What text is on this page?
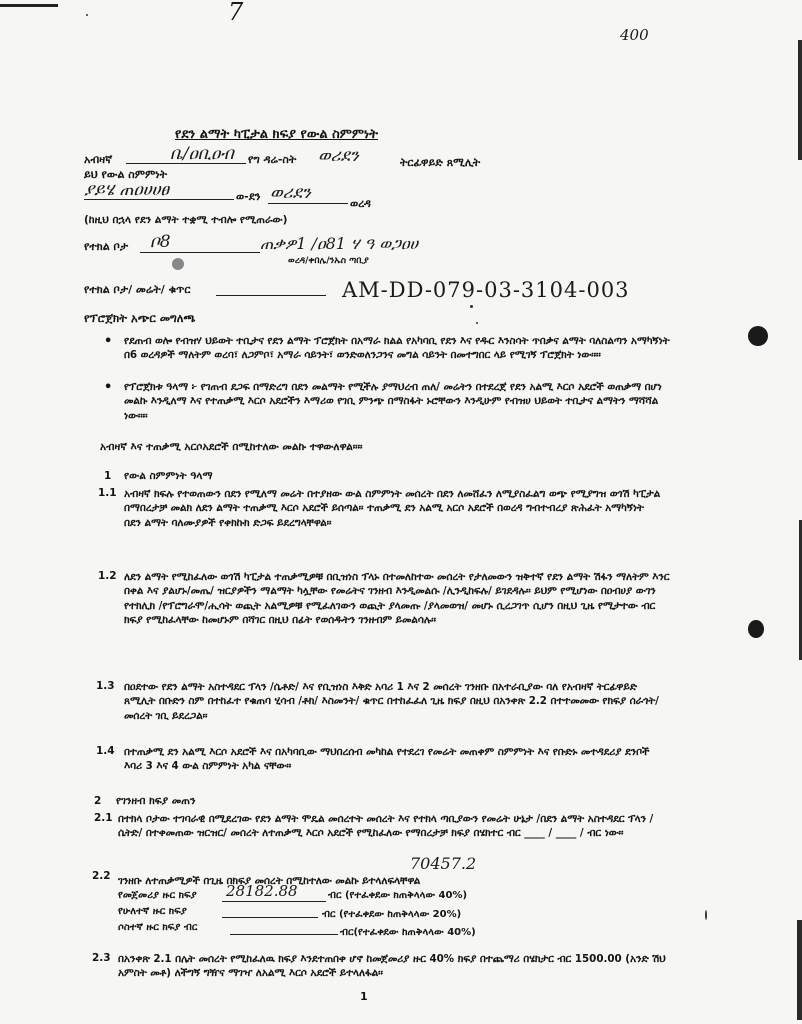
7
400
የደን ልማት ካፒታል ክፍያ የውል ስምምነት
አብዛኛ	ቤ/ዐቢዐብ የግ ዳሬ-ስት ወሪደን	ትርፊዋይድ ጸሚሊት
ይህ የውል ስምምነት
ያይሄ ጠዐሀሀፀ	ወ-ደን ወሪደን
ወረዳ
(ከዚህ በኋላ የደን ልማት ተቋሚ ተብሎ የሚጠራው)
የተክል ቦታ ቦ8	ጠቃዎ1 /ዐ81 ሃ ዓ ወጋዐሀ
ወረዳ/ቀበሌ/ንኡስ ጣቢያ
የተክል ቦታ/ መሬት/ ቁጥር	AM-DD-079-03-3104-003
የፕሮጀክት አጭር መግለጫ
• የደጠብ ወሎ የብዝሃ ህይወት ተቢታና የደን ልማት ፕሮጀክት በአማራ ክልል የአካባቢ የደን እና የዱር እንስሳት ጥበቃና ልማት ባለስልጣን አማካኝነት በ6 ወረዳዎች ማለትም ወረባ፣ ለጋምቦ፣ አማራ ሳይንት፣ ወንድወለንጋንና መግል ሳይንት በመተግበር ላይ የሚገኝ ፕሮጀክት ነው።።
• የፕሮጀክቱ ዓላማ ፦ የገጠብ ደጋፍ በማድረግ በደን መልማት የሚችሉ ያማህረብ ጠለ/ መሬትን በተደረጀ የደን አልሚ እርሶ አደሮች ወጠቃማ በሆነ መልኩ እንዲለማ እና የተጠቃሚ እርሶ አደሮችን እማሪወ የገቢ ምንጭ በማስፋት ኑሮቸውን እንዲሁም የብዝሀ ህይወት ተቢታና ልማትን ማሻሻል ነው።።
አብዛኛ እና ተጠቃሚ አርሶአደሮች በሚከተለው መልኩ ተዋውለዋል።።
1 የውል ስምምነት ዓላማ
1.1 አብዛኛ ክፍሉ የተወጠውን በደን የሚለማ መሬት በተያዘው ውል ስምምነት መሰረት በደን ለመሸፈን ለሚያስፈልግ ወጭ የሚያግዝ ወጎሽ ካፒታል በማበረታቻ መልክ ለደን ልማት ተጠቃሚ እርሶ አደሮች ይሰጣል። ተጠቃሚ ደን አልሚ አርሶ አደሮች በወረዳ ግብተብረያ ጽሕፈት አማካኝነት በደን ልማት ባለሙያዎች የቀክኩክ ድጋፍ ይደረግላቸዋል።
1.2 ለደን ልማት የሚከፈለው ወጎሽ ካፒታል ተጠቃሚዎቹ በቢዝነስ ፕላኑ በተመለከተው መሰረት የታለመውን ዝቅተኛ የደን ልማት ሽፋን ማለትም እንር በቀል እና ያልሆኑ/መጤ/ ዝርያዎችን ማልማት ካሏቸው የመሬትና ገንዘብ እንዲመልሱ /ሊንዲከፍሉ/ ይገደዳሉ። ይህም የሚሆነው በዐብሀያ ውገን የተክሊክ /የፕሮግራሞ/ሒሳት ወጪት አልሚዎቹ የሚፈለገውን ወጪት ያላመጡ /ያላመወዝ/ መሆኑ ሲረጋገጥ ሲሆን በዚህ ጊዜ የሚታተው ብር ክፍያ የሚከፈላቸው ከመሆኑም በሻገር በዚህ በፊት የወሰዱትን ገንዘብም ይመልሳሉ።
1.3 በዐደተው የደን ልማት አስተዳደር ፕላን /ሴቶድ/ እና የቢዝነስ እቅድ አባሪ 1 እና 2 መሰረት ገንዘቡ በአተራቢያው ባለ የአብዛኛ ትርፊዋይድ ጸሚሊት በቡድን ስም በተከፈተ የቁጠባ ሂሳብ /ቶክ/ እስመንት/ ቁጥር በተከፈፈለ ጊዜ ክፍያ በዚህ በአንቀጽ 2.2 በተተመመው የክፍያ ሰራጎት/ መሰረት ገቢ ይደረጋል።
1.4 በተጠቃሚ ደን አልሚ እርሶ አደሮች እና በአካባቢው ማህበረሰብ መካከል የተደረገ የመሬት መጠቀም ስምምነት እና የቡድኑ መተዳደሪያ ደንቦች እባሪ 3 እና 4 ውል ስምምነት አካል ናቸው።
2 የገንዘብ ክፍያ መጠን
2.1 በተክላ ቦታው ተገባራዊ በሚደረገው የደን ልማት ሞዴል መሰረተት መሰረት እና የተክላ ጣቢያውን የመሬት ሁኔታ /በደን ልማት አስተዳደር ፕላን /ሴትድ/ በተቀመጠው ዝርዝር/ መሰረት ለተጠቃሚ እርሶ አደሮች የሚከፈለው የማበረታቻ ክፍያ በሄክተር ብር ____ / ____ / ብር ነው።
2.2
70457.2
ገንዘቡ ለተጠቃሚዎች በጊዜ በክፍያ መሰረት በሚከተለው መልኩ ይተላለፍላቸዋል
የመጀመሪያ ዙር ክፍያ 28182.88	ብር (የተፈቀደው ክጠቅላላው 40%)
የሁለተኛ ዙር ክፍያ	ብር (የተፈቀደው ከጠቅላላው 20%)
ሶስተኛ ዙር ክፍያ ብር	ብር(የተፈቀደው ከጠቅላላው 40%)
2.3 በአንቀጽ 2.1 በሌት መሰረት የሚከፈለዉ ክፍያ እንደተጠበቀ ሆኖ ከመጀመሪያ ዙር 40% ክፍያ በተጨማሪ በሄክታር ብር 1500.00 (አንድ ሽህ አምስት መቶ) ለችግኝ ግዥና ማገዣ ለአልሚ እርሶ አደሮች ይተላለፋል።
1
